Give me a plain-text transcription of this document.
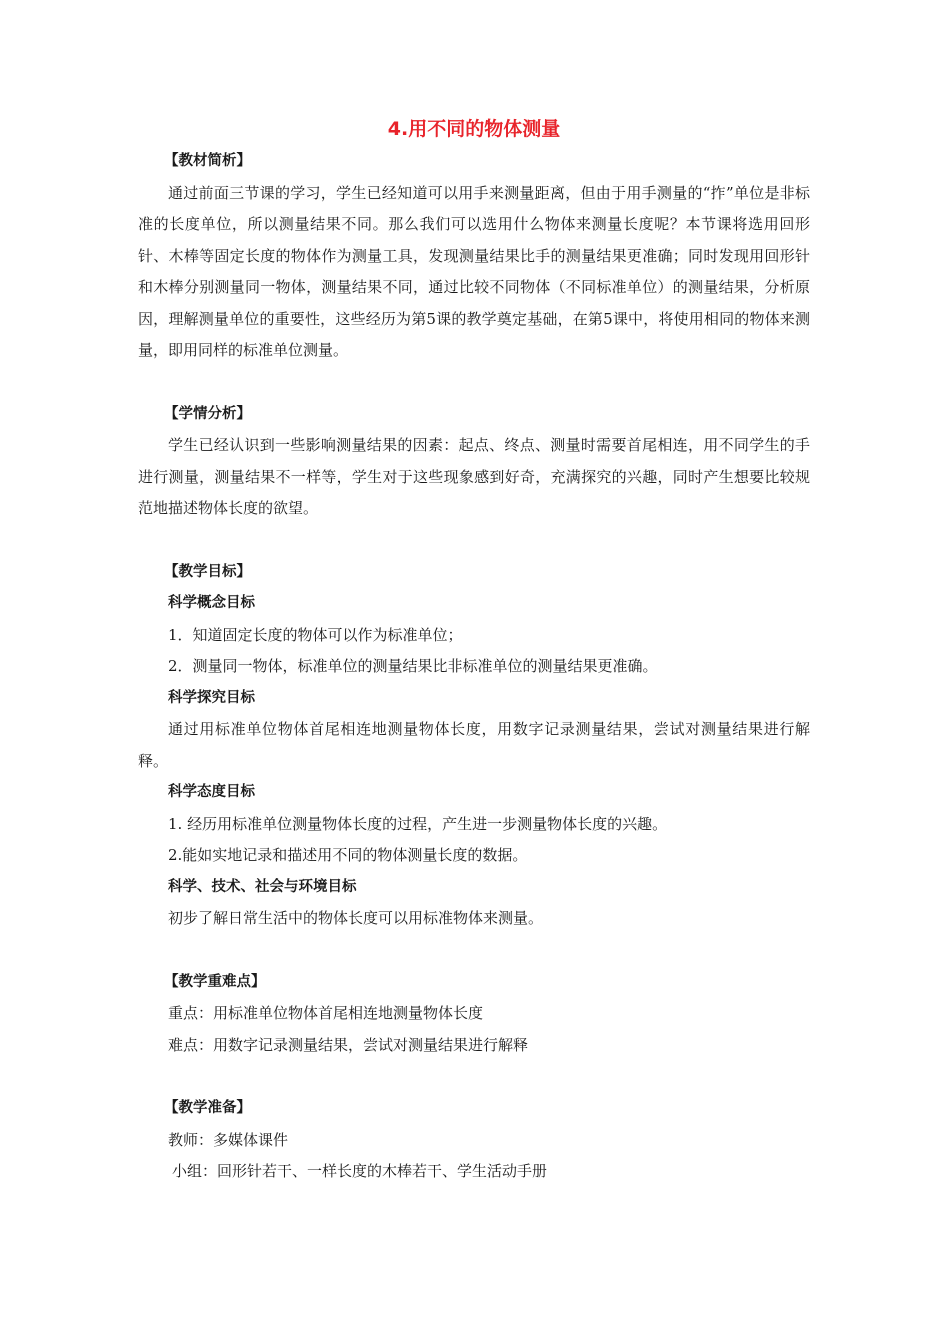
4.用不同的物体测量

【教材简析】

通过前面三节课的学习，学生已经知道可以用手来测量距离，但由于用手测量的“拃”单位是非标准的长度单位，所以测量结果不同。那么我们可以选用什么物体来测量长度呢？本节课将选用回形针、木棒等固定长度的物体作为测量工具，发现测量结果比手的测量结果更准确；同时发现用回形针和木棒分别测量同一物体，测量结果不同，通过比较不同物体（不同标准单位）的测量结果，分析原因，理解测量单位的重要性，这些经历为第5课的教学奠定基础，在第5课中，将使用相同的物体来测量，即用同样的标准单位测量。

【学情分析】

学生已经认识到一些影响测量结果的因素：起点、终点、测量时需要首尾相连，用不同学生的手进行测量，测量结果不一样等，学生对于这些现象感到好奇，充满探究的兴趣，同时产生想要比较规范地描述物体长度的欲望。

【教学目标】

科学概念目标

1．知道固定长度的物体可以作为标准单位；

2．测量同一物体，标准单位的测量结果比非标准单位的测量结果更准确。

科学探究目标

通过用标准单位物体首尾相连地测量物体长度，用数字记录测量结果，尝试对测量结果进行解释。

科学态度目标

1. 经历用标准单位测量物体长度的过程，产生进一步测量物体长度的兴趣。

2.能如实地记录和描述用不同的物体测量长度的数据。

科学、技术、社会与环境目标

初步了解日常生活中的物体长度可以用标准物体来测量。

【教学重难点】

重点：用标准单位物体首尾相连地测量物体长度

难点：用数字记录测量结果，尝试对测量结果进行解释

【教学准备】

教师：多媒体课件

小组：回形针若干、一样长度的木棒若干、学生活动手册
